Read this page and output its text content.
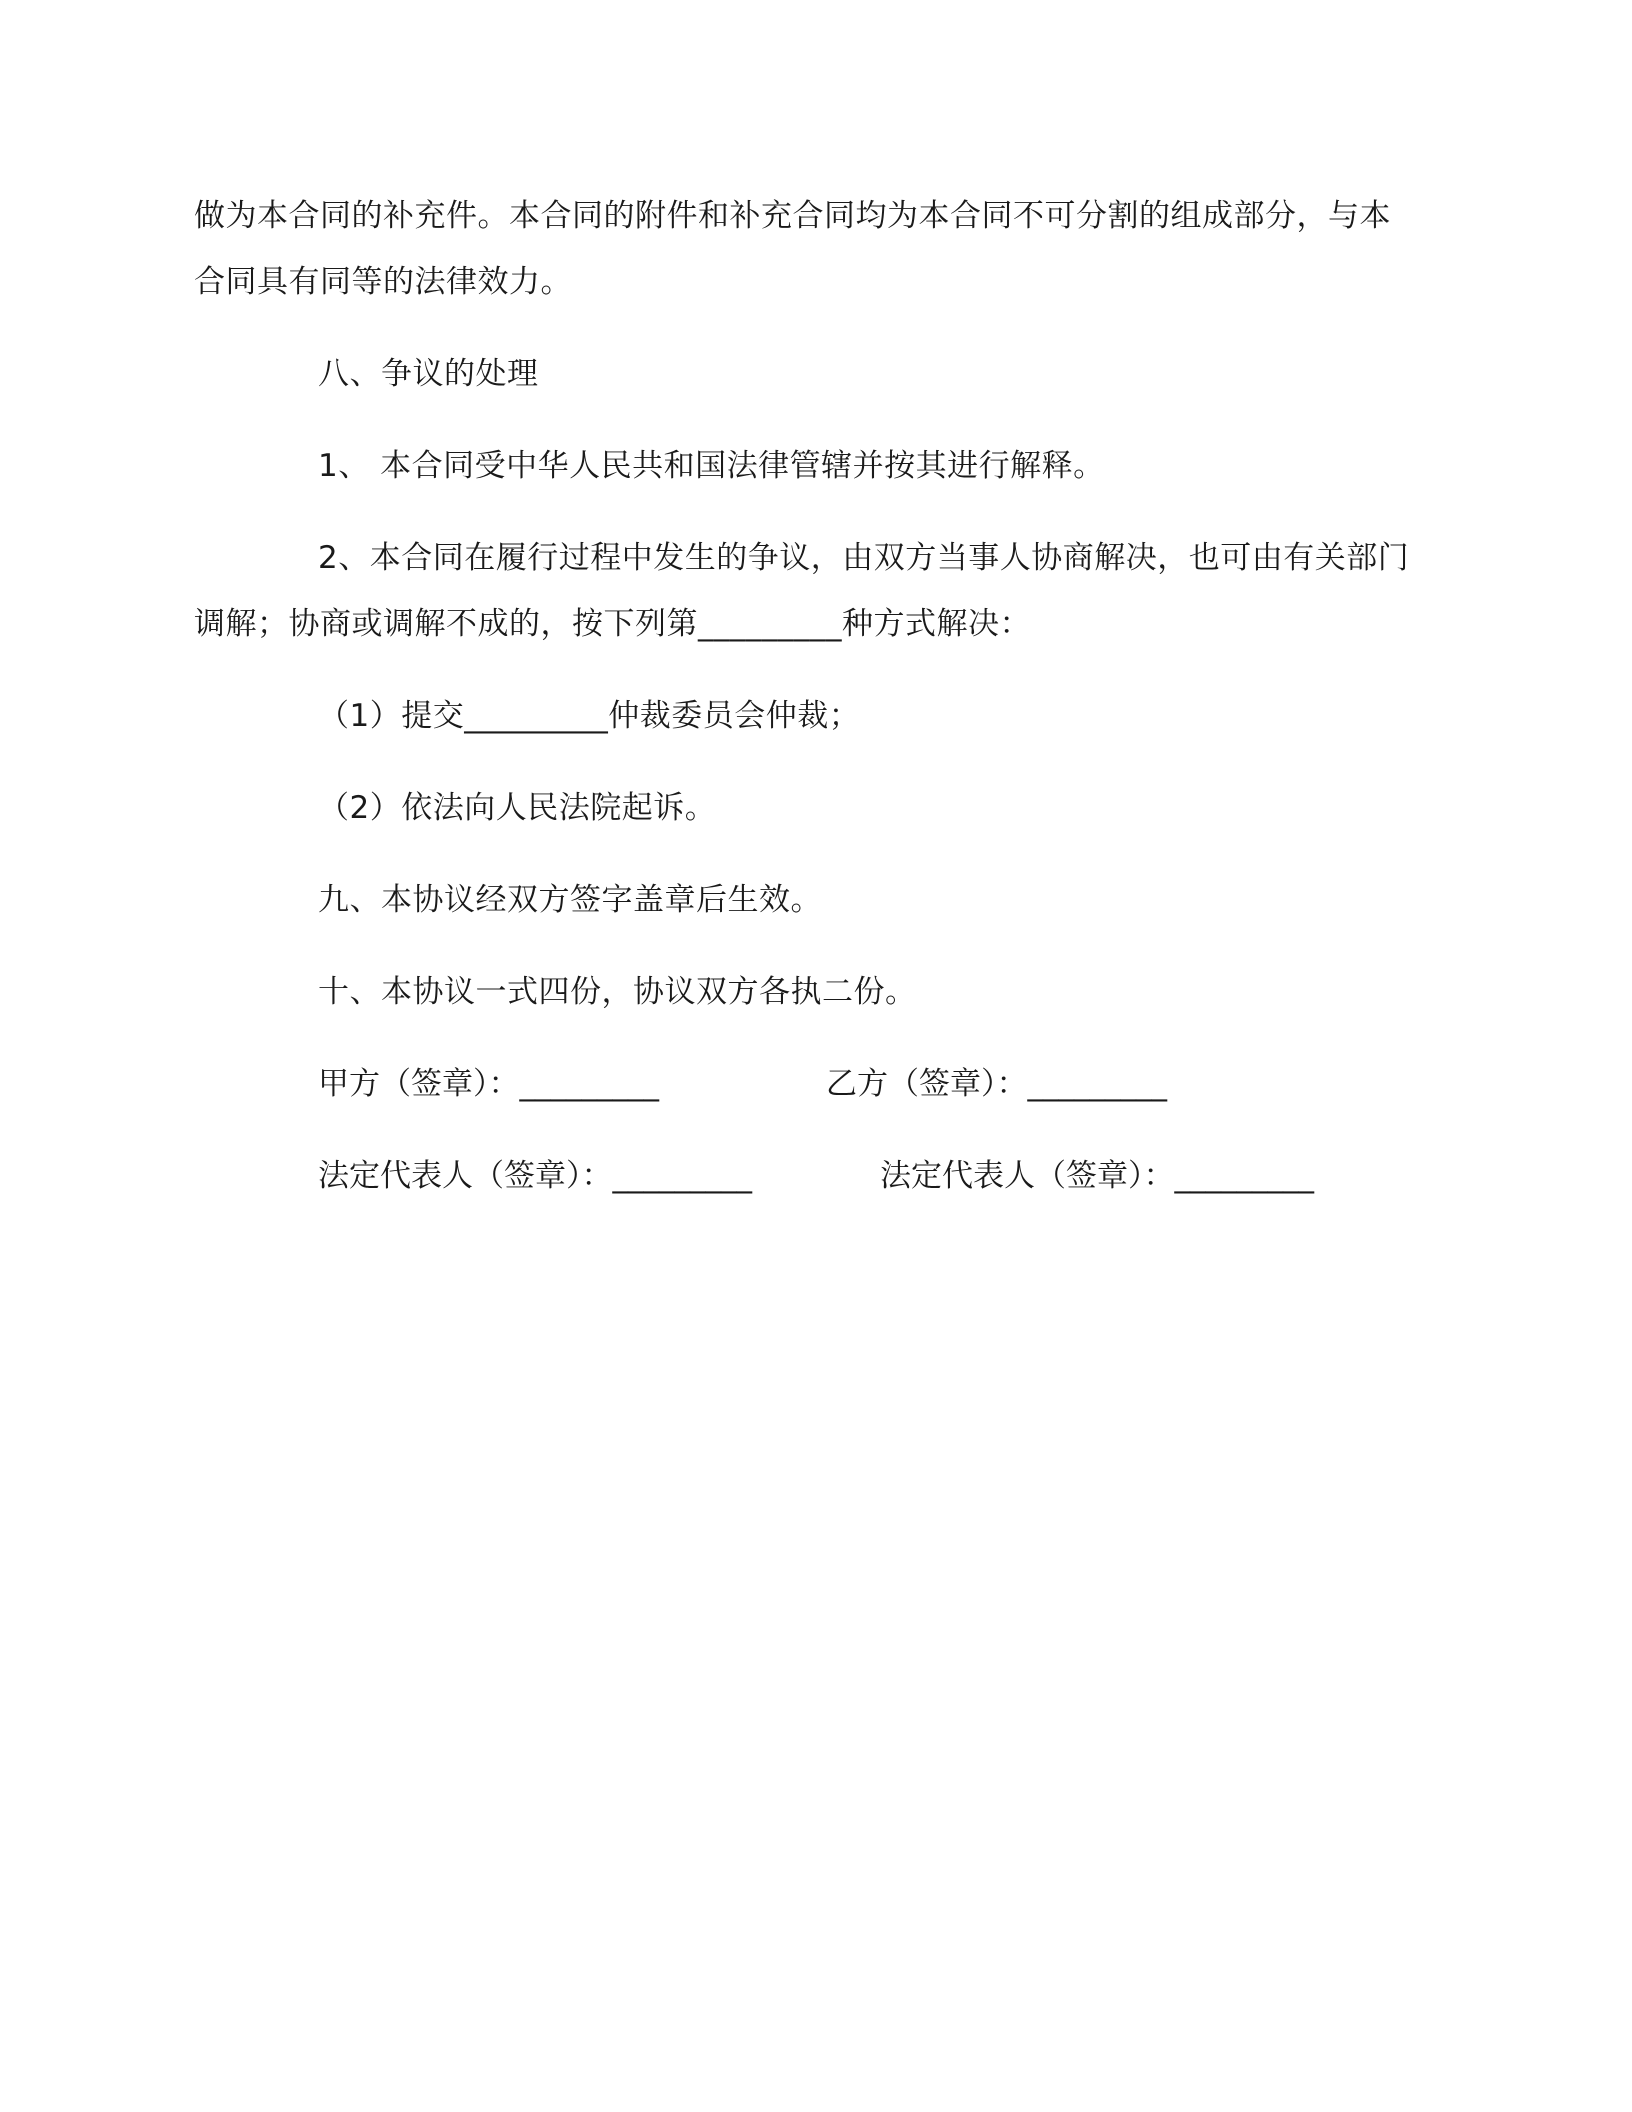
做为本合同的补充件。本合同的附件和补充合同均为本合同不可分割的组成部分，与本
合同具有同等的法律效力。
八、争议的处理
1、 本合同受中华人民共和国法律管辖并按其进行解释。
2、本合同在履行过程中发生的争议，由双方当事人协商解决，也可由有关部门
调解；协商或调解不成的，按下列第_________种方式解决：
（1）提交_________仲裁委员会仲裁；
（2）依法向人民法院起诉。
九、本协议经双方签字盖章后生效。
十、本协议一式四份，协议双方各执二份。
甲方（签章）：_________	乙方（签章）：_________
法定代表人（签章）：_________	法定代表人（签章）：_________
